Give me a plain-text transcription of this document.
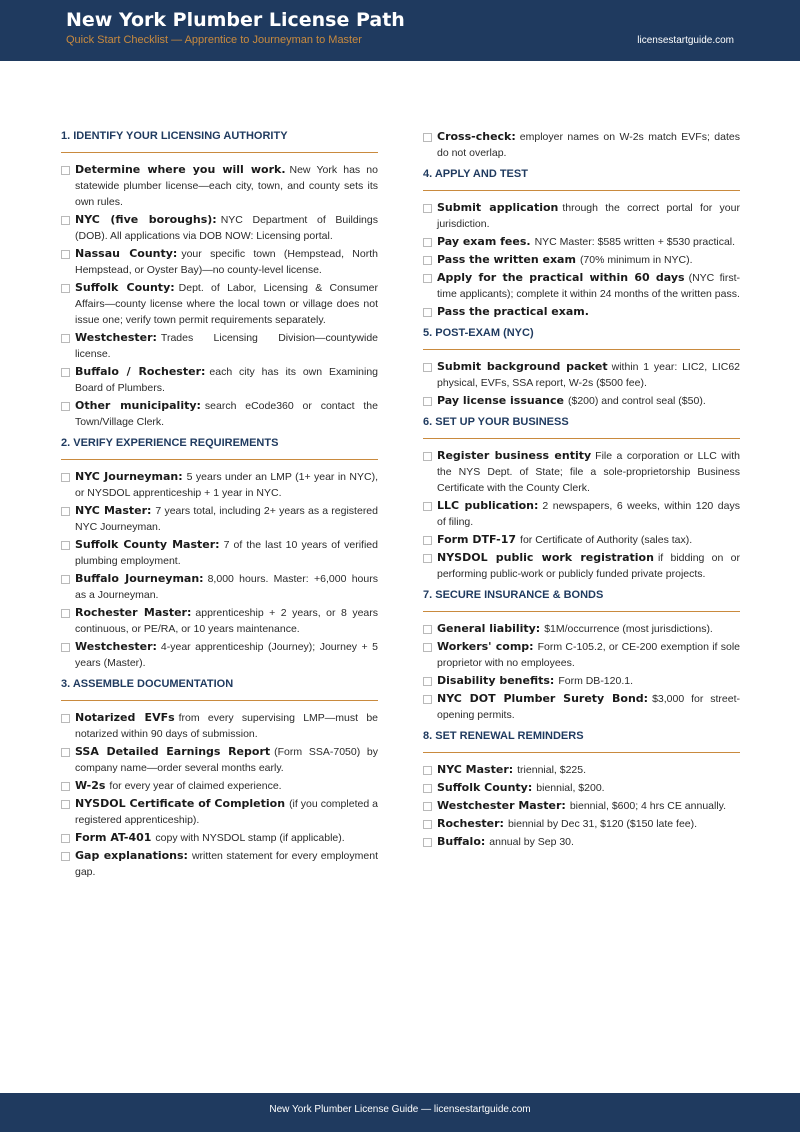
New York Plumber License Path
Quick Start Checklist — Apprentice to Journeyman to Master	licensestartguide.com
1. IDENTIFY YOUR LICENSING AUTHORITY
Determine where you will work. New York has no statewide plumber license—each city, town, and county sets its own rules.
NYC (five boroughs): NYC Department of Buildings (DOB). All applications via DOB NOW: Licensing portal.
Nassau County: your specific town (Hempstead, North Hempstead, or Oyster Bay)—no county-level license.
Suffolk County: Dept. of Labor, Licensing & Consumer Affairs—county license where the local town or village does not issue one; verify town permit requirements separately.
Westchester: Trades Licensing Division—countywide license.
Buffalo / Rochester: each city has its own Examining Board of Plumbers.
Other municipality: search eCode360 or contact the Town/Village Clerk.
2. VERIFY EXPERIENCE REQUIREMENTS
NYC Journeyman: 5 years under an LMP (1+ year in NYC), or NYSDOL apprenticeship + 1 year in NYC.
NYC Master: 7 years total, including 2+ years as a registered NYC Journeyman.
Suffolk County Master: 7 of the last 10 years of verified plumbing employment.
Buffalo Journeyman: 8,000 hours. Master: +6,000 hours as a Journeyman.
Rochester Master: apprenticeship + 2 years, or 8 years continuous, or PE/RA, or 10 years maintenance.
Westchester: 4-year apprenticeship (Journey); Journey + 5 years (Master).
3. ASSEMBLE DOCUMENTATION
Notarized EVFs from every supervising LMP—must be notarized within 90 days of submission.
SSA Detailed Earnings Report (Form SSA-7050) by company name—order several months early.
W-2s for every year of claimed experience.
NYSDOL Certificate of Completion (if you completed a registered apprenticeship).
Form AT-401 copy with NYSDOL stamp (if applicable).
Gap explanations: written statement for every employment gap.
Cross-check: employer names on W-2s match EVFs; dates do not overlap.
4. APPLY AND TEST
Submit application through the correct portal for your jurisdiction.
Pay exam fees. NYC Master: $585 written + $530 practical.
Pass the written exam (70% minimum in NYC).
Apply for the practical within 60 days (NYC first-time applicants); complete it within 24 months of the written pass.
Pass the practical exam.
5. POST-EXAM (NYC)
Submit background packet within 1 year: LIC2, LIC62 physical, EVFs, SSA report, W-2s ($500 fee).
Pay license issuance ($200) and control seal ($50).
6. SET UP YOUR BUSINESS
Register business entity File a corporation or LLC with the NYS Dept. of State; file a sole-proprietorship Business Certificate with the County Clerk.
LLC publication: 2 newspapers, 6 weeks, within 120 days of filing.
Form DTF-17 for Certificate of Authority (sales tax).
NYSDOL public work registration if bidding on or performing public-work or publicly funded private projects.
7. SECURE INSURANCE & BONDS
General liability: $1M/occurrence (most jurisdictions).
Workers' comp: Form C-105.2, or CE-200 exemption if sole proprietor with no employees.
Disability benefits: Form DB-120.1.
NYC DOT Plumber Surety Bond: $3,000 for street-opening permits.
8. SET RENEWAL REMINDERS
NYC Master: triennial, $225.
Suffolk County: biennial, $200.
Westchester Master: biennial, $600; 4 hrs CE annually.
Rochester: biennial by Dec 31, $120 ($150 late fee).
Buffalo: annual by Sep 30.
New York Plumber License Guide — licensestartguide.com
